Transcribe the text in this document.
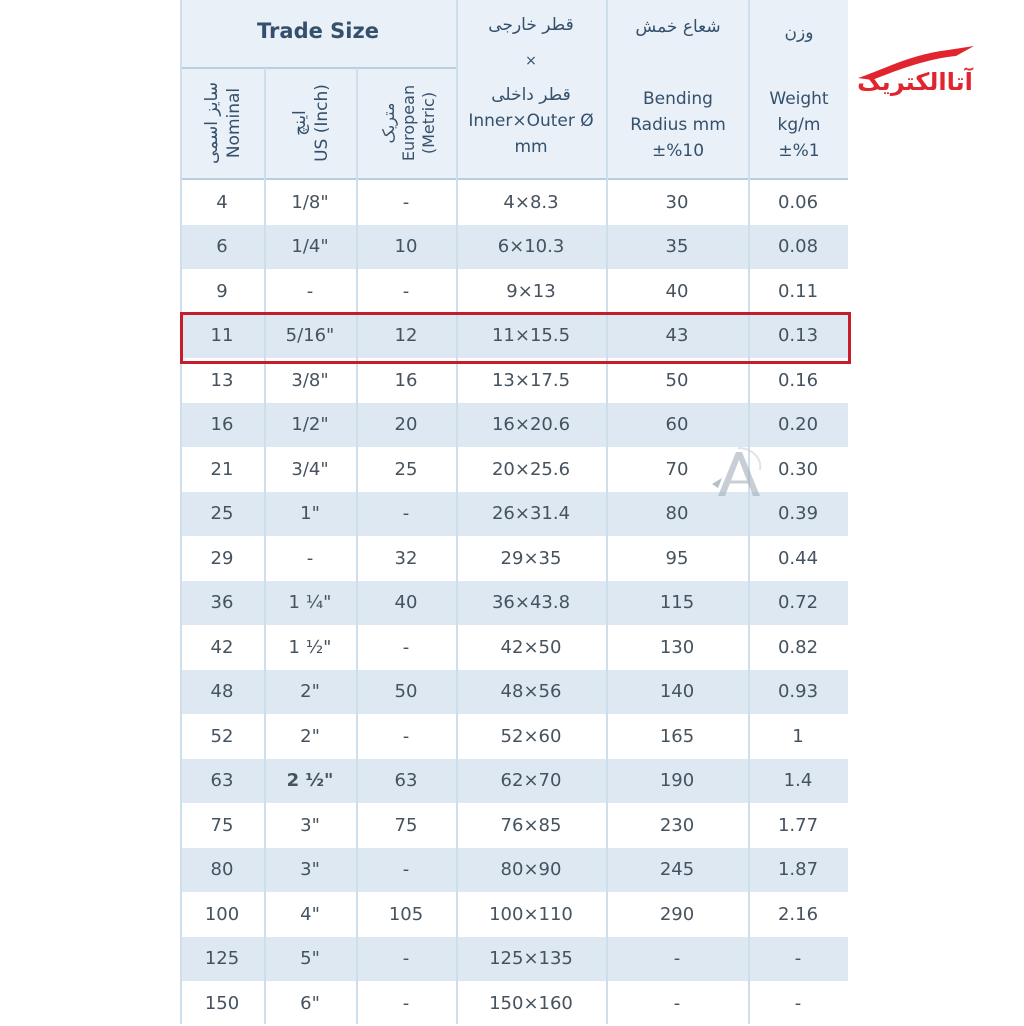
Trade Size
سایز اسمی Nominal	اینچ US (Inch)	متریک European (Metric)
قطر خارجی
×
قطر داخلی
Inner×Outer Ø
mm
شعاع خمش
Bending
Radius mm
±%10
وزن
Weight
kg/m
±%1
4	1/8"	-	4×8.3	30	0.06
6	1/4"	10	6×10.3	35	0.08
9	-	-	9×13	40	0.11
11	5/16"	12	11×15.5	43	0.13
13	3/8"	16	13×17.5	50	0.16
16	1/2"	20	16×20.6	60	0.20
21	3/4"	25	20×25.6	70	0.30
25	1"	-	26×31.4	80	0.39
29	-	32	29×35	95	0.44
36	1 ¼"	40	36×43.8	115	0.72
42	1 ½"	-	42×50	130	0.82
48	2"	50	48×56	140	0.93
52	2"	-	52×60	165	1
63	2 ½"	63	62×70	190	1.4
75	3"	75	76×85	230	1.77
80	3"	-	80×90	245	1.87
100	4"	105	100×110	290	2.16
125	5"	-	125×135	-	-
150	6"	-	150×160	-	-
آتاالکتریک
